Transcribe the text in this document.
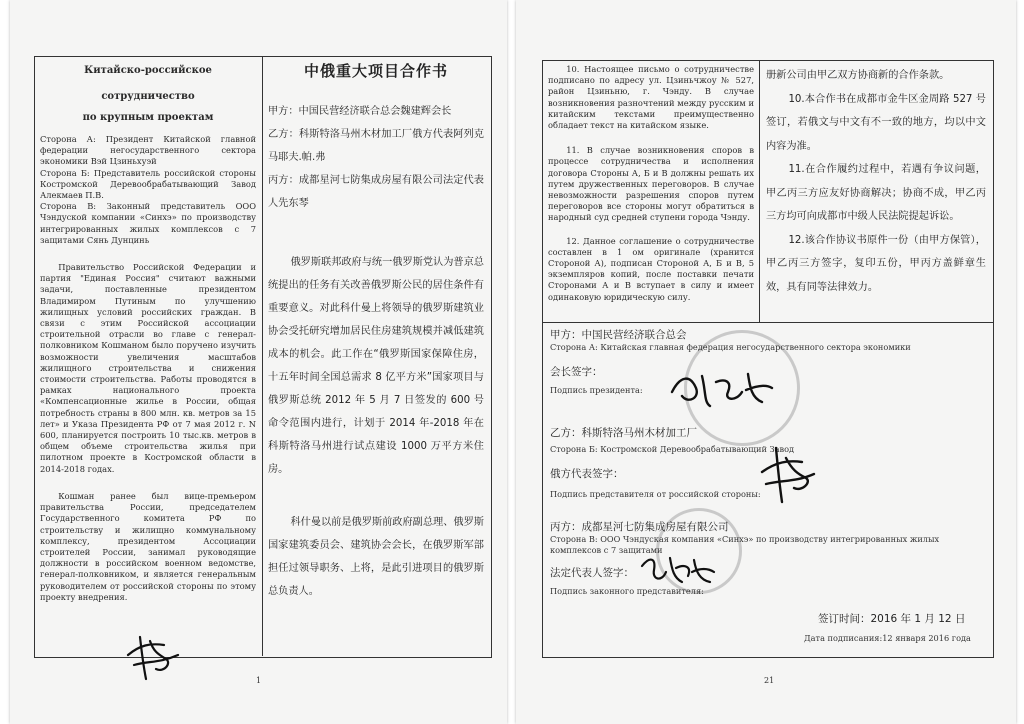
Китайско-российское сотрудничество

по крупным проектам

Сторона А: Президент Китайской главной федерации негосударственного сектора экономики Вэй Цзиньхуэй

Сторона Б: Представитель российской стороны Костромской Деревообрабатывающий Завод Алекмаев П.В.

Сторона В: Законный представитель ООО Чэндуской компании «Синхэ» по производству интегрированных жилых комплексов с 7 защитами Сянь Дунцинь

Правительство Российской Федерации и партия "Единая Россия" считают важными задачи, поставленные президентом Владимиром Путиным по улучшению жилищных условий российских граждан. В связи с этим Российской ассоциации строительной отрасли во главе с генерал-полковником Кошманом было поручено изучить возможности увеличения масштабов жилищного строительства и снижения стоимости строительства. Работы проводятся в рамках национального проекта «Компенсационные жилье в России, общая потребность страны в 800 млн. кв. метров за 15 лет» и Указа Президента РФ от 7 мая 2012 г. N 600, планируется построить 10 тыс.кв. метров в общем объеме строительства жилья при пилотном проекте в Костромской области в 2014-2018 годах.

Кошман ранее был вице-премьером правительства России, председателем Государственного комитета РФ по строительству и жилищно коммунальному комплексу, президентом Ассоциации строителей России, занимал руководящие должности в российском военном ведомстве, генерал-полковником, и является генеральным руководителем от российской стороны по этому проекту внедрения.

中俄重大项目合作书

甲方：中国民营经济联合总会魏建辉会长

乙方：科斯特洛马州木材加工厂俄方代表阿列克马耶夫.帕.弗

丙方：成都星河七防集成房屋有限公司法定代表人先东琴

俄罗斯联邦政府与统一俄罗斯党认为普京总统提出的任务有关改善俄罗斯公民的居住条件有重要意义。对此科什曼上将领导的俄罗斯建筑业协会受托研究增加居民住房建筑规模并减低建筑成本的机会。此工作在“俄罗斯国家保障住房，十五年时间全国总需求 8 亿平方米”国家项目与俄罗斯总统 2012 年 5 月 7 日签发的 600 号命令范围内进行，计划于 2014 年-2018 年在科斯特洛马州进行试点建设 1000 万平方米住房。

科什曼以前是俄罗斯前政府副总理、俄罗斯国家建筑委员会、建筑协会会长，在俄罗斯军部担任过领导职务、上将，是此引进项目的俄罗斯总负责人。

1

10. Настоящее письмо о сотрудничестве подписано по адресу ул. Цзиньчжоу № 527, район Цзиньню, г. Чэнду. В случае возникновения разночтений между русским и китайским текстами преимущественно обладает текст на китайском языке.

11. В случае возникновения споров в процессе сотрудничества и исполнения договора Стороны А, Б и В должны решать их путем дружественных переговоров. В случае невозможности разрешения споров путем переговоров все стороны могут обратиться в народный суд средней ступени города Чэнду.

12. Данное соглашение о сотрудничестве составлен в 1 ом оригинале (хранится Стороной А), подписан Стороной А, Б и В, 5 экземпляров копий, после поставки печати Сторонами А и В вступает в силу и имеет одинаковую юридическую силу.

册新公司由甲乙双方协商新的合作条款。

10.本合作书在成都市金牛区金周路 527 号签订，若俄文与中文有不一致的地方，均以中文内容为准。

11.在合作履约过程中，若遇有争议问题，甲乙丙三方应友好协商解决；协商不成，甲乙丙三方均可向成都市中级人民法院提起诉讼。

12.该合作协议书原件一份（由甲方保管），甲乙丙三方签字，复印五份，甲丙方盖鲜章生效，具有同等法律效力。

甲方：中国民营经济联合总会

Сторона А: Китайская главная федерация негосударственного сектора экономики

会长签字：

Подпись президента:

乙方：科斯特洛马州木材加工厂

Сторона Б: Костромской Деревообрабатывающий Завод

俄方代表签字：

Подпись представителя от российской стороны:

丙方：成都星河七防集成房屋有限公司

Сторона В: ООО Чэндуская компания «Синхэ» по производству интегрированных жилых комплексов с 7 защитами

法定代表人签字：

Подпись законного представителя:

签订时间：2016 年 1 月 12 日
Дата подписания:12 января 2016 года
21
